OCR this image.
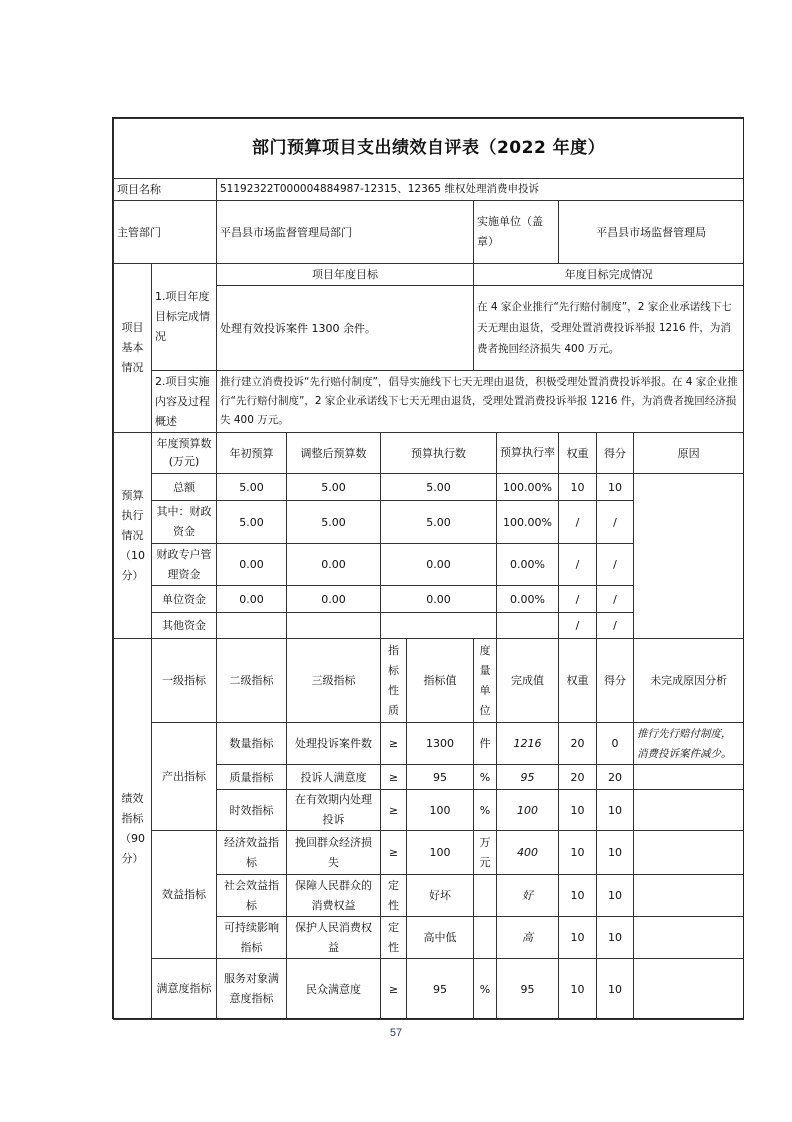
部门预算项目支出绩效自评表（2022 年度）										
项目名称		51192322T000004884987-12315、12365 维权处理消费申投诉								
主管部门		平昌县市场监督管理局部门				实施单位（盖章）		平昌县市场监督管理局		
项目基本情况	1.项目年度目标完成情况	项目年度目标				年度目标完成情况				
		处理有效投诉案件 1300 余件。				在 4 家企业推行“先行赔付制度”，2 家企业承诺线下七天无理由退货，受理处置消费投诉举报 1216 件，为消费者挽回经济损失 400 万元。				
	2.项目实施内容及过程概述	推行建立消费投诉“先行赔付制度”，倡导实施线下七天无理由退货，积极受理处置消费投诉举报。在 4 家企业推行“先行赔付制度”，2 家企业承诺线下七天无理由退货，受理处置消费投诉举报 1216 件，为消费者挽回经济损失 400 万元。								
预算执行情况（10分）	年度预算数(万元)	年初预算	调整后预算数	预算执行数			预算执行率	权重	得分	原因
	总额	5.00	5.00	5.00			100.00%	10	10	
	其中：财政资金	5.00	5.00	5.00			100.00%	/	/	
	财政专户管理资金	0.00	0.00	0.00			0.00%	/	/	
	单位资金	0.00	0.00	0.00			0.00%	/	/	
	其他资金							/	/	
绩效指标（90分）	一级指标	二级指标	三级指标	指标性质	指标值	度量单位	完成值	权重	得分	未完成原因分析
	产出指标	数量指标	处理投诉案件数	≥	1300	件	1216	20	0	推行先行赔付制度，消费投诉案件减少。
		质量指标	投诉人满意度	≥	95	%	95	20	20	
		时效指标	在有效期内处理投诉	≥	100	%	100	10	10	
	效益指标	经济效益指标	挽回群众经济损失	≥	100	万元	400	10	10	
		社会效益指标	保障人民群众的消费权益	定性	好坏		好	10	10	
		可持续影响指标	保护人民消费权益	定性	高中低		高	10	10	
	满意度指标	服务对象满意度指标	民众满意度	≥	95	%	95	10	10	
57
